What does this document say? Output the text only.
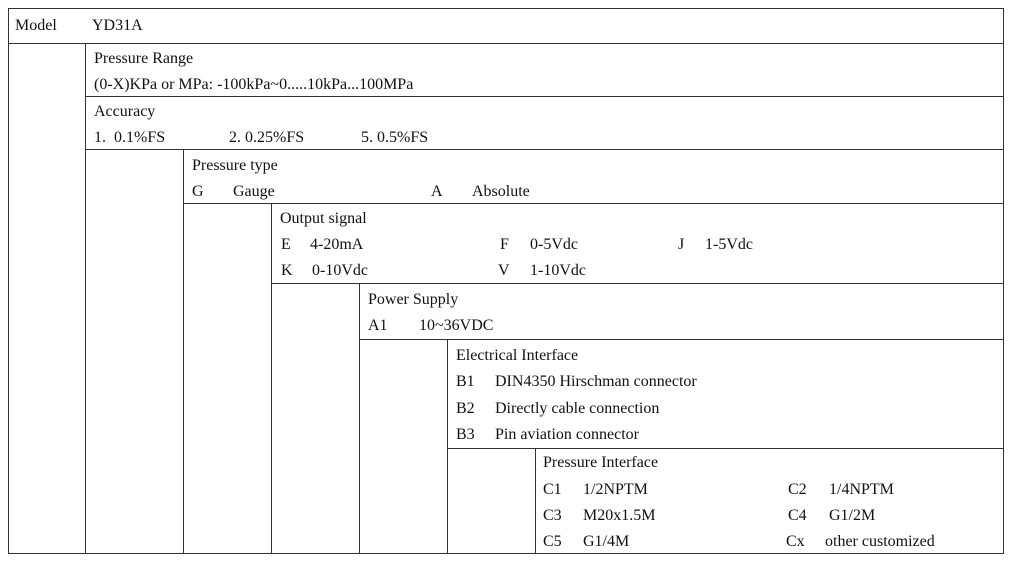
Model YD31A
Pressure Range
(0-X)KPa or MPa: -100kPa~0.....10kPa...100MPa
Accuracy
1.  0.1%FS	2. 0.25%FS	5. 0.5%FS
Pressure type
G Gauge	A Absolute
Output signal
E 4-20mA	F 0-5Vdc	J 1-5Vdc
K 0-10Vdc	V 1-10Vdc
Power Supply
A1 10~36VDC
Electrical Interface
B1 DIN4350 Hirschman connector
B2 Directly cable connection
B3 Pin aviation connector
Pressure Interface
C1 1/2NPTM	C2 1/4NPTM
C3 M20x1.5M	C4 G1/2M
C5 G1/4M	Cx other customized
